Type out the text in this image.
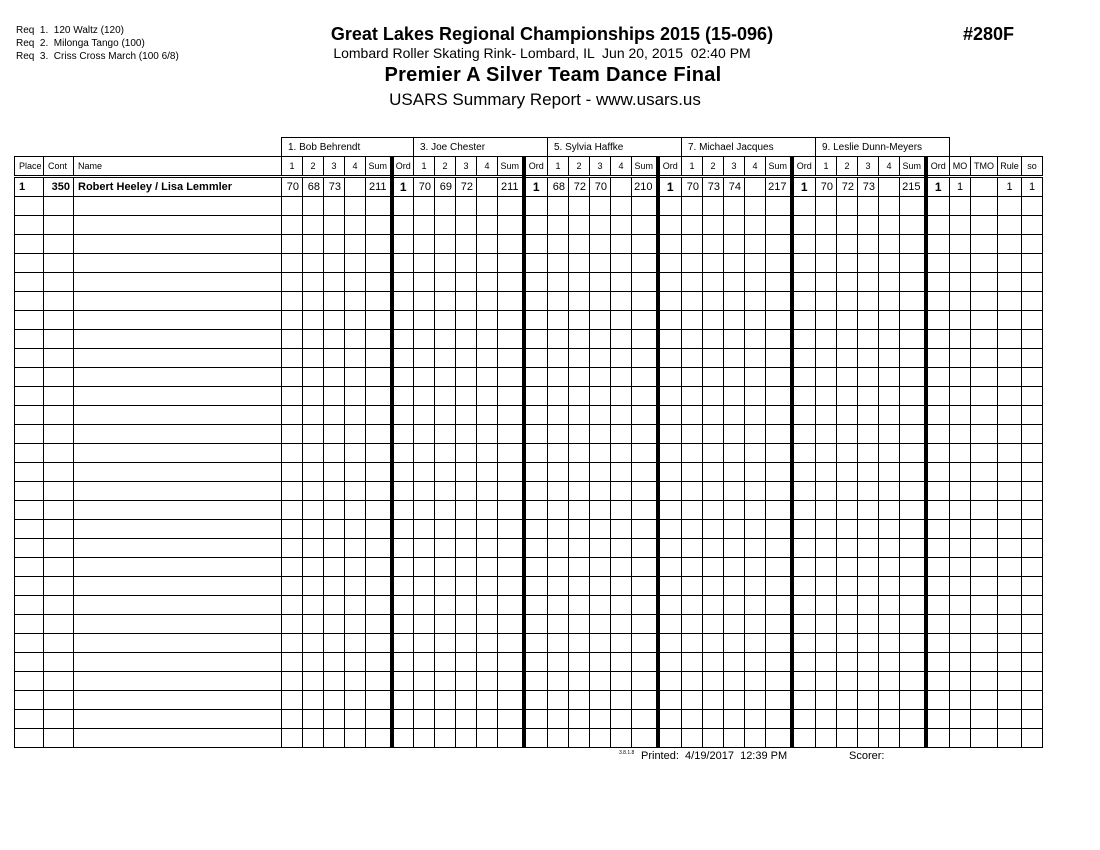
Req  1.  120 Waltz (120)
Req  2.  Milonga Tango (100)
Req  3.  Criss Cross March (100 6/8)
Great Lakes Regional Championships 2015 (15-096)
Lombard Roller Skating Rink- Lombard, IL  Jun 20, 2015  02:40 PM
Premier A Silver Team Dance Final
USARS Summary Report - www.usars.us
#280F
			1. Bob Behrendt						3. Joe Chester						5. Sylvia Haffke						7. Michael Jacques						9. Leslie Dunn-Meyers									
Place	Cont	Name	1	2	3	4	Sum	Ord	1	2	3	4	Sum	Ord	1	2	3	4	Sum	Ord	1	2	3	4	Sum	Ord	1	2	3	4	Sum	Ord	MO	TMO	Rule	so
1	350	Robert Heeley / Lisa Lemmler	70	68	73		211	1	70	69	72		211	1	68	72	70		210	1	70	73	74		217	1	70	72	73		215	1	1		1	1

3.8.1.8 Printed:  4/19/2017  12:39 PM	Scorer:
